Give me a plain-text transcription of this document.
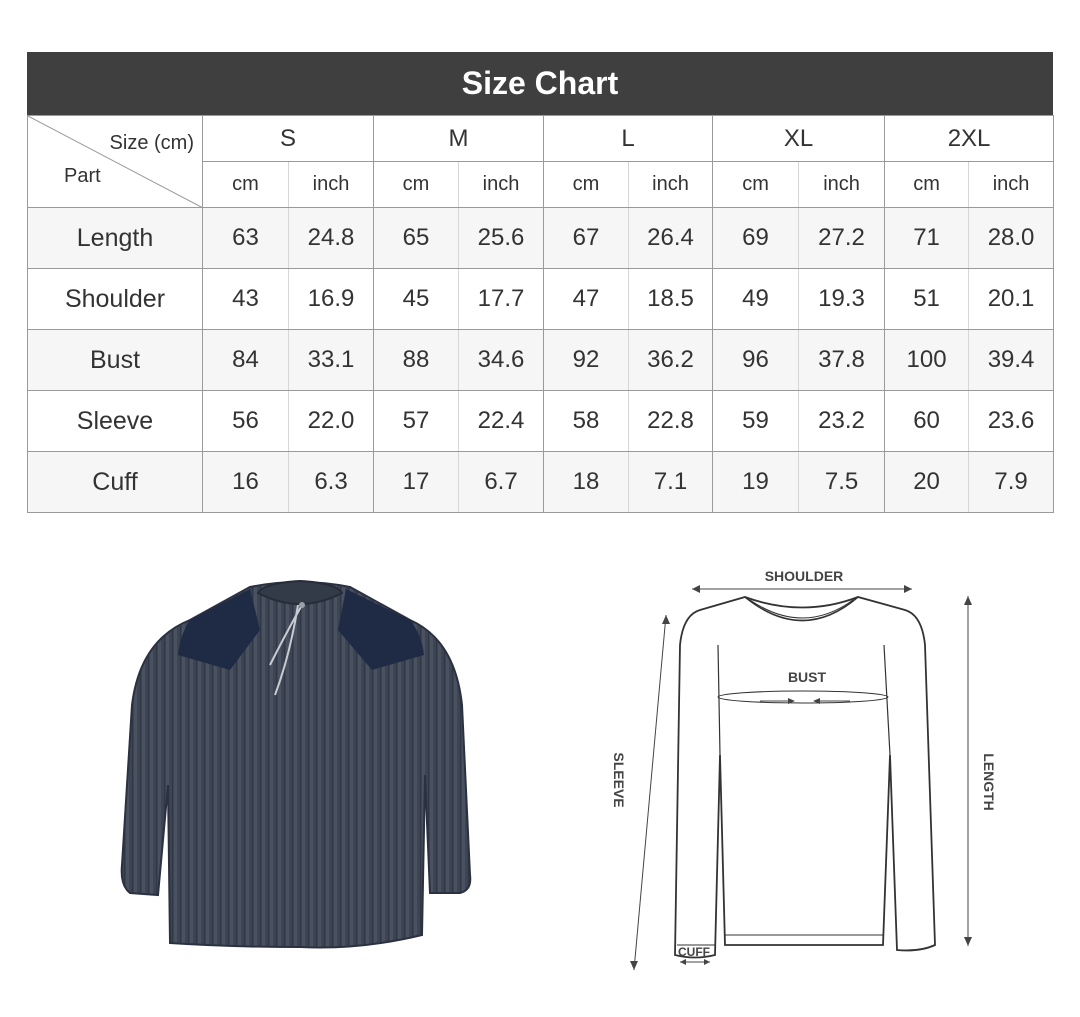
Size Chart
Size (cm)
Part	S		M		L		XL		2XL	
	cm	inch	cm	inch	cm	inch	cm	inch	cm	inch
Length	63	24.8	65	25.6	67	26.4	69	27.2	71	28.0
Shoulder	43	16.9	45	17.7	47	18.5	49	19.3	51	20.1
Bust	84	33.1	88	34.6	92	36.2	96	37.8	100	39.4
Sleeve	56	22.0	57	22.4	58	22.8	59	23.2	60	23.6
Cuff	16	6.3	17	6.7	18	7.1	19	7.5	20	7.9
SHOULDER
BUST
SLEEVE	LENGTH
CUFF
